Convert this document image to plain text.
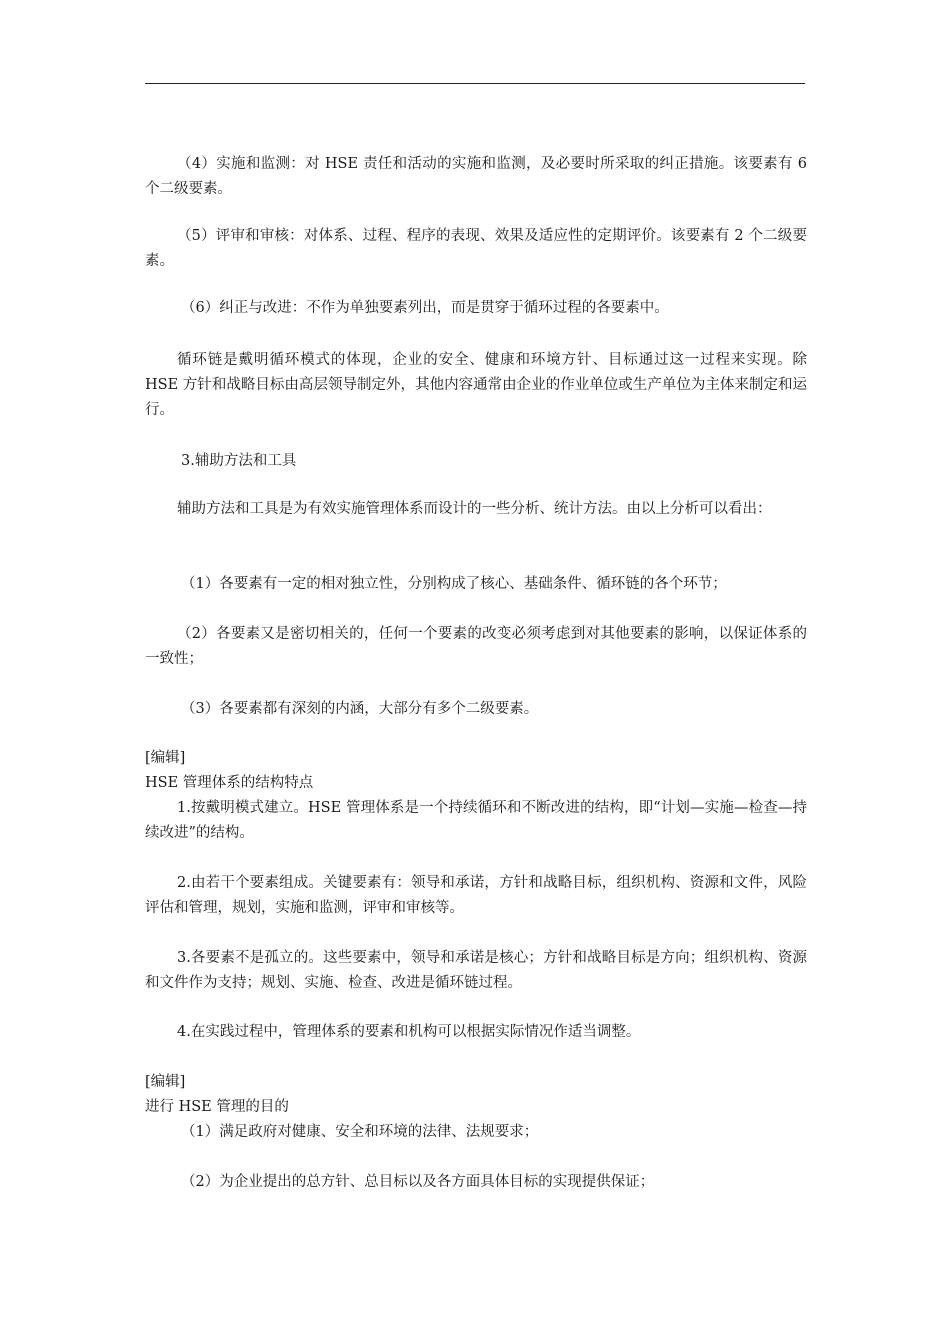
（4）实施和监测：对 HSE 责任和活动的实施和监测，及必要时所采取的纠正措施。该要素有 6 个二级要素。

（5）评审和审核：对体系、过程、程序的表现、效果及适应性的定期评价。该要素有 2 个二级要素。

（6）纠正与改进：不作为单独要素列出，而是贯穿于循环过程的各要素中。

循环链是戴明循环模式的体现，企业的安全、健康和环境方针、目标通过这一过程来实现。除 HSE 方针和战略目标由高层领导制定外，其他内容通常由企业的作业单位或生产单位为主体来制定和运行。

3.辅助方法和工具

辅助方法和工具是为有效实施管理体系而设计的一些分析、统计方法。由以上分析可以看出：

（1）各要素有一定的相对独立性，分别构成了核心、基础条件、循环链的各个环节；

（2）各要素又是密切相关的，任何一个要素的改变必须考虑到对其他要素的影响，以保证体系的一致性；

（3）各要素都有深刻的内涵，大部分有多个二级要素。

[编辑]

HSE 管理体系的结构特点

1.按戴明模式建立。HSE 管理体系是一个持续循环和不断改进的结构，即“计划—实施—检查—持续改进”的结构。

2.由若干个要素组成。关键要素有：领导和承诺，方针和战略目标，组织机构、资源和文件，风险评估和管理，规划，实施和监测，评审和审核等。

3.各要素不是孤立的。这些要素中，领导和承诺是核心；方针和战略目标是方向；组织机构、资源和文件作为支持；规划、实施、检查、改进是循环链过程。

4.在实践过程中，管理体系的要素和机构可以根据实际情况作适当调整。

[编辑]

进行 HSE 管理的目的

（1）满足政府对健康、安全和环境的法律、法规要求；

（2）为企业提出的总方针、总目标以及各方面具体目标的实现提供保证；
